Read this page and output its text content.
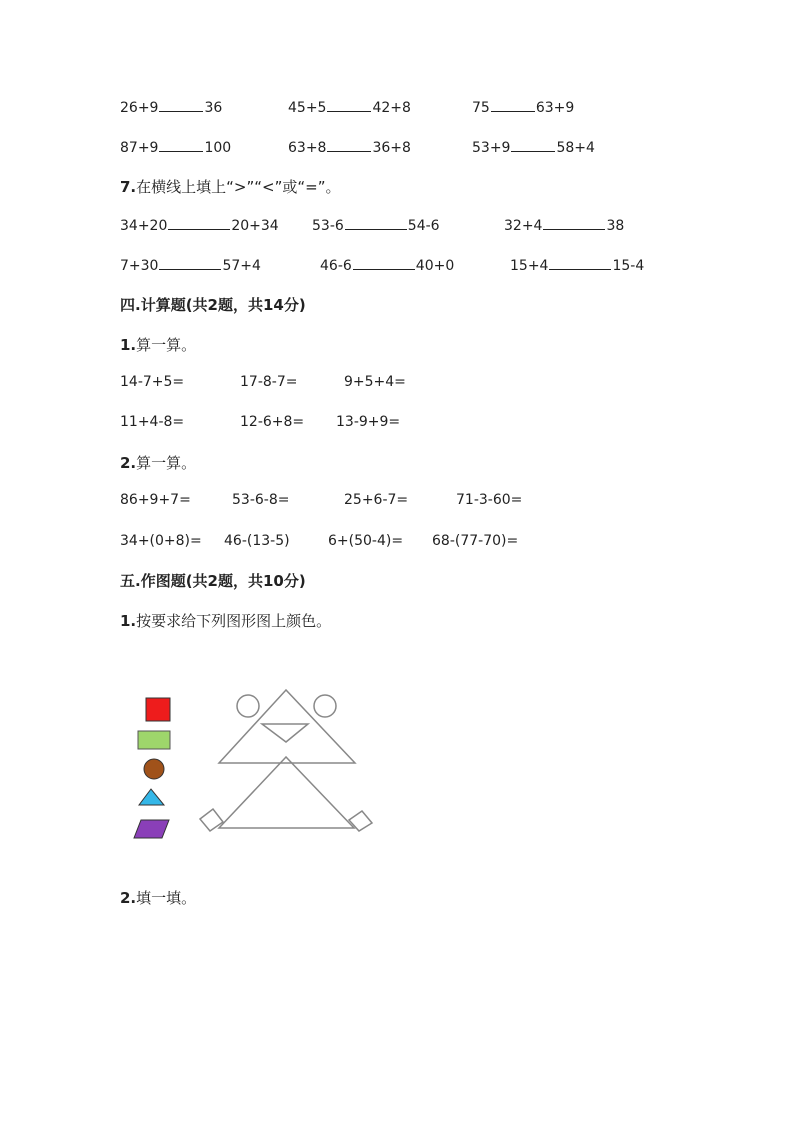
26+9	36	45+5	42+8	75	63+9
87+9	100	63+8	36+8	53+9	58+4
7.在横线上填上“>”“<”或“=”。
34+20	20+34 53-6	54-6	32+4	38
7+30	57+4	46-6	40+0	15+4	15-4
四.计算题(共2题，共14分)
1.算一算。
14-7+5=	17-8-7=	9+5+4=
11+4-8=	12-6+8= 13-9+9=
2.算一算。
86+9+7=	53-6-8=	25+6-7=	71-3-60=
34+(0+8)= 46-(13-5)	6+(50-4)= 68-(77-70)=
五.作图题(共2题，共10分)
1.按要求给下列图形图上颜色。
2.填一填。
